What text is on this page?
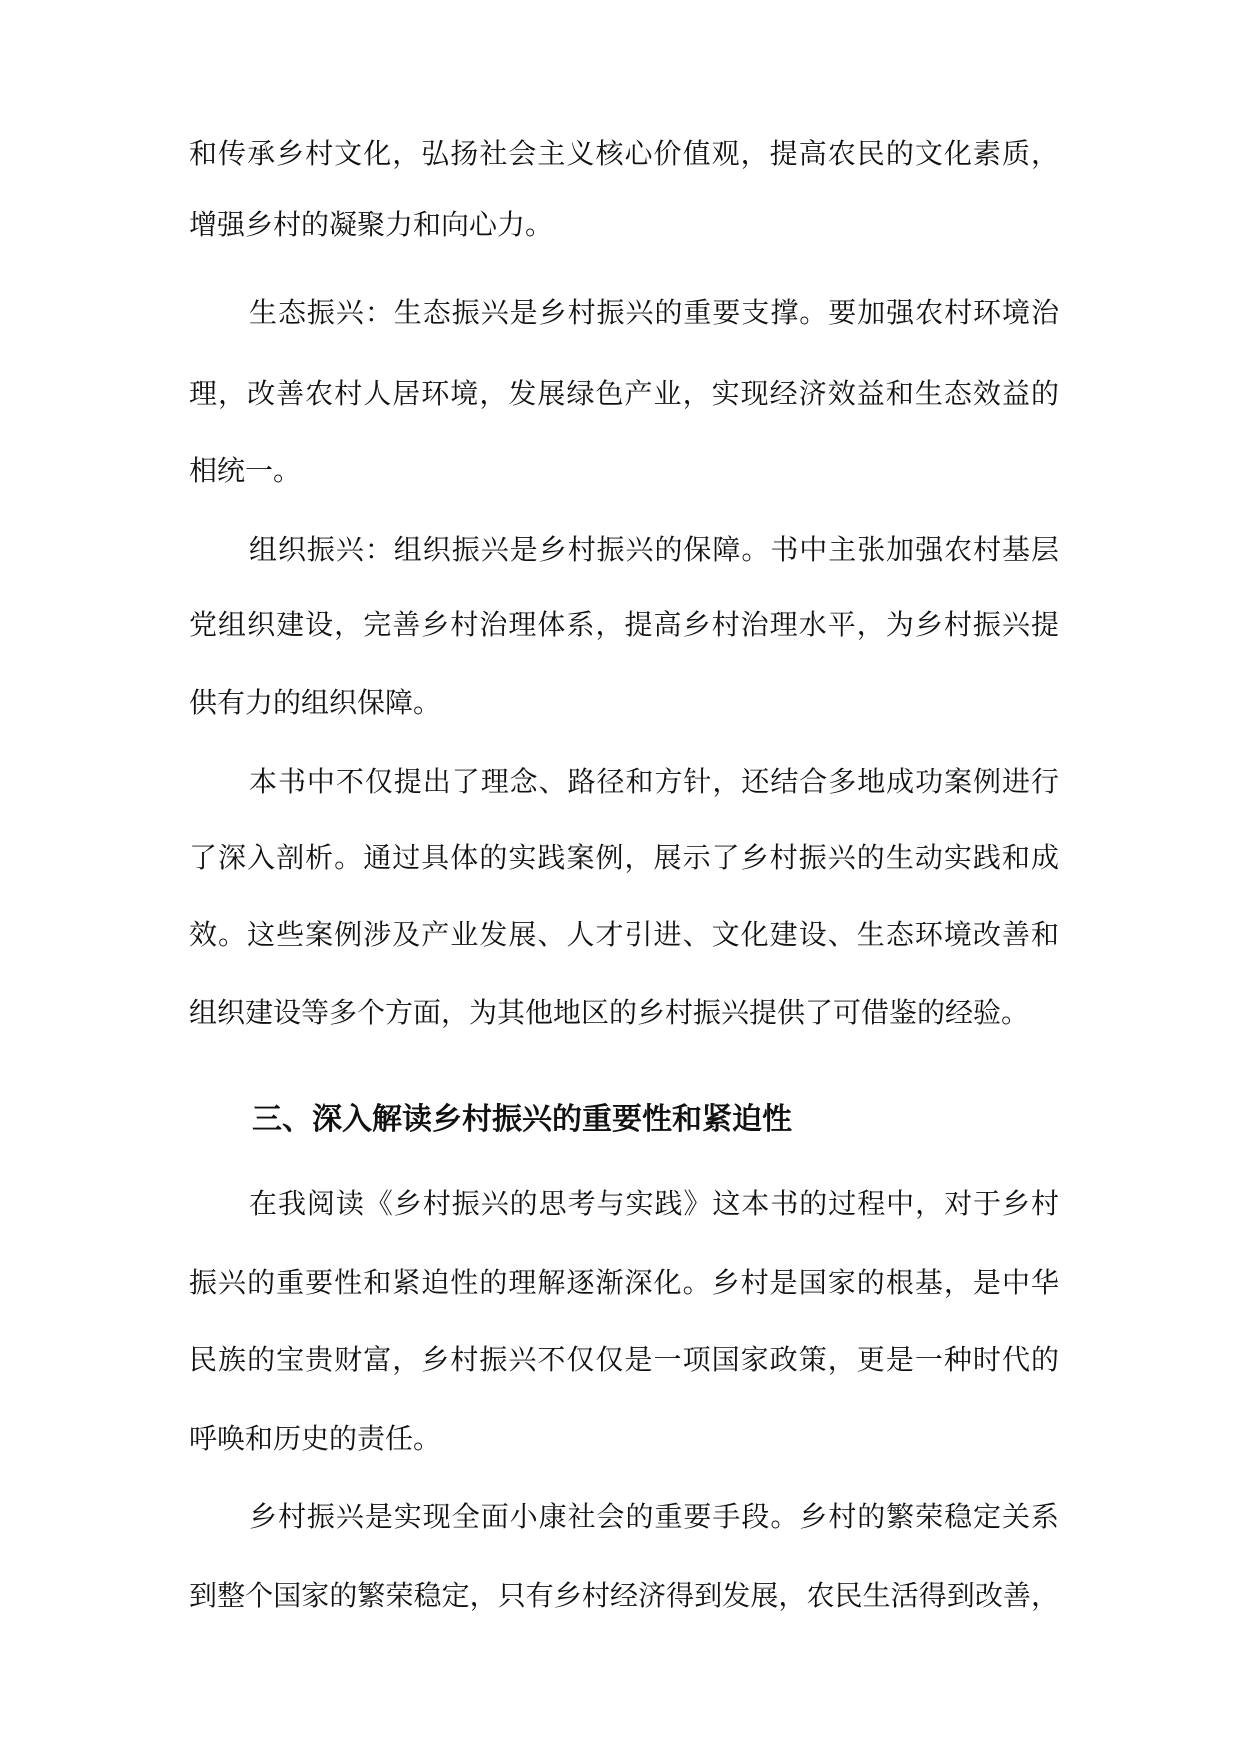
和传承乡村文化，弘扬社会主义核心价值观，提高农民的文化素质，
增强乡村的凝聚力和向心力。
生态振兴：生态振兴是乡村振兴的重要支撑。要加强农村环境治
理，改善农村人居环境，发展绿色产业，实现经济效益和生态效益的
相统一。
组织振兴：组织振兴是乡村振兴的保障。书中主张加强农村基层
党组织建设，完善乡村治理体系，提高乡村治理水平，为乡村振兴提
供有力的组织保障。
本书中不仅提出了理念、路径和方针，还结合多地成功案例进行
了深入剖析。通过具体的实践案例，展示了乡村振兴的生动实践和成
效。这些案例涉及产业发展、人才引进、文化建设、生态环境改善和
组织建设等多个方面，为其他地区的乡村振兴提供了可借鉴的经验。
三、深入解读乡村振兴的重要性和紧迫性
在我阅读《乡村振兴的思考与实践》这本书的过程中，对于乡村
振兴的重要性和紧迫性的理解逐渐深化。乡村是国家的根基，是中华
民族的宝贵财富，乡村振兴不仅仅是一项国家政策，更是一种时代的
呼唤和历史的责任。
乡村振兴是实现全面小康社会的重要手段。乡村的繁荣稳定关系
到整个国家的繁荣稳定，只有乡村经济得到发展，农民生活得到改善，
